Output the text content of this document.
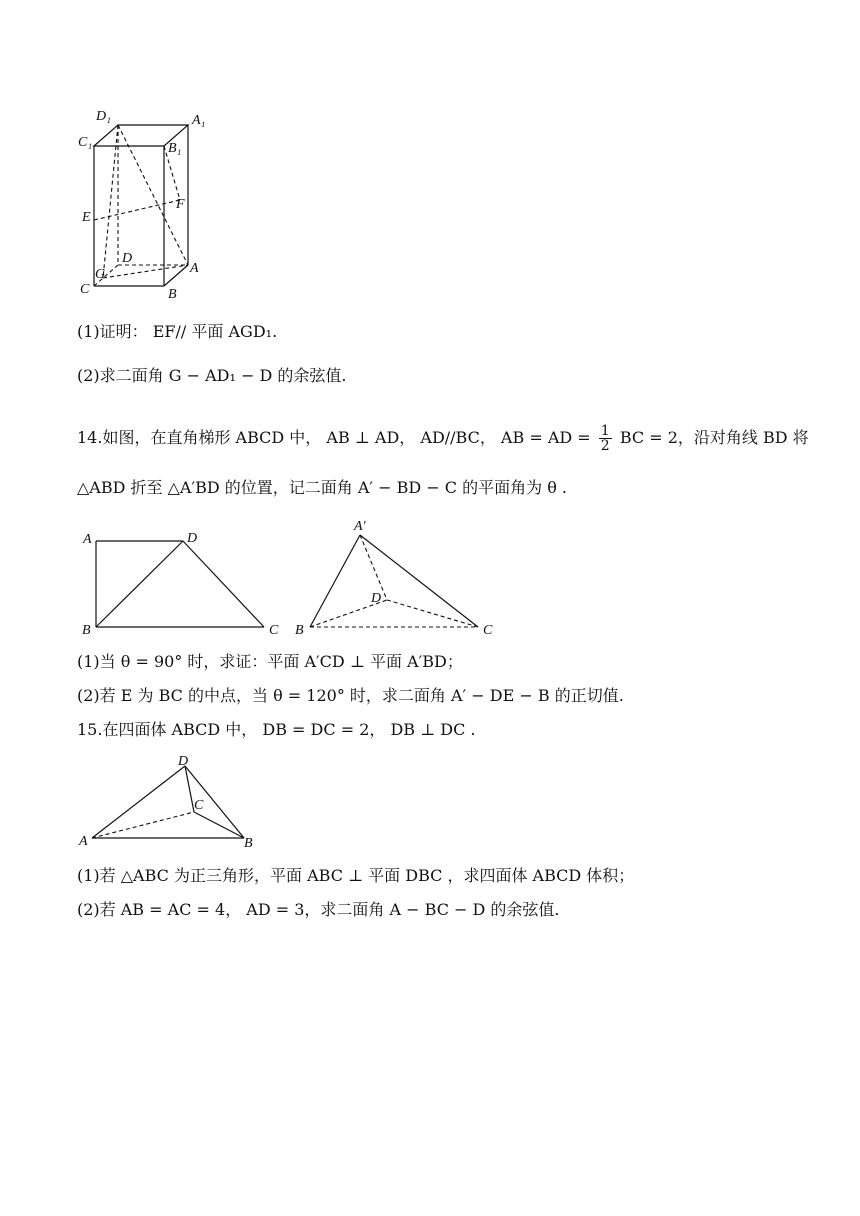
D₁	A₁
C₁	B₁
E
F
D
G	A
C	B
(1)证明： EF// 平面 AGD₁.
(2)求二面角 G − AD₁ − D 的余弦值.
14.如图，在直角梯形 ABCD 中， AB ⊥ AD， AD//BC， AB = AD = $\frac{1}{2}$ BC = 2，沿对角线 BD 将
△ABD 折至 △A′BD 的位置，记二面角 A′ − BD − C 的平面角为 θ .
A	D
B	C
A′
D
B	C
(1)当 θ = 90° 时，求证：平面 A′CD ⊥ 平面 A′BD；
(2)若 E 为 BC 的中点，当 θ = 120° 时，求二面角 A′ − DE − B 的正切值.
15.在四面体 ABCD 中， DB = DC = 2， DB ⊥ DC .
D
C
A	B
(1)若 △ABC 为正三角形，平面 ABC ⊥ 平面 DBC ，求四面体 ABCD 体积；
(2)若 AB = AC = 4， AD = 3，求二面角 A − BC − D 的余弦值.
